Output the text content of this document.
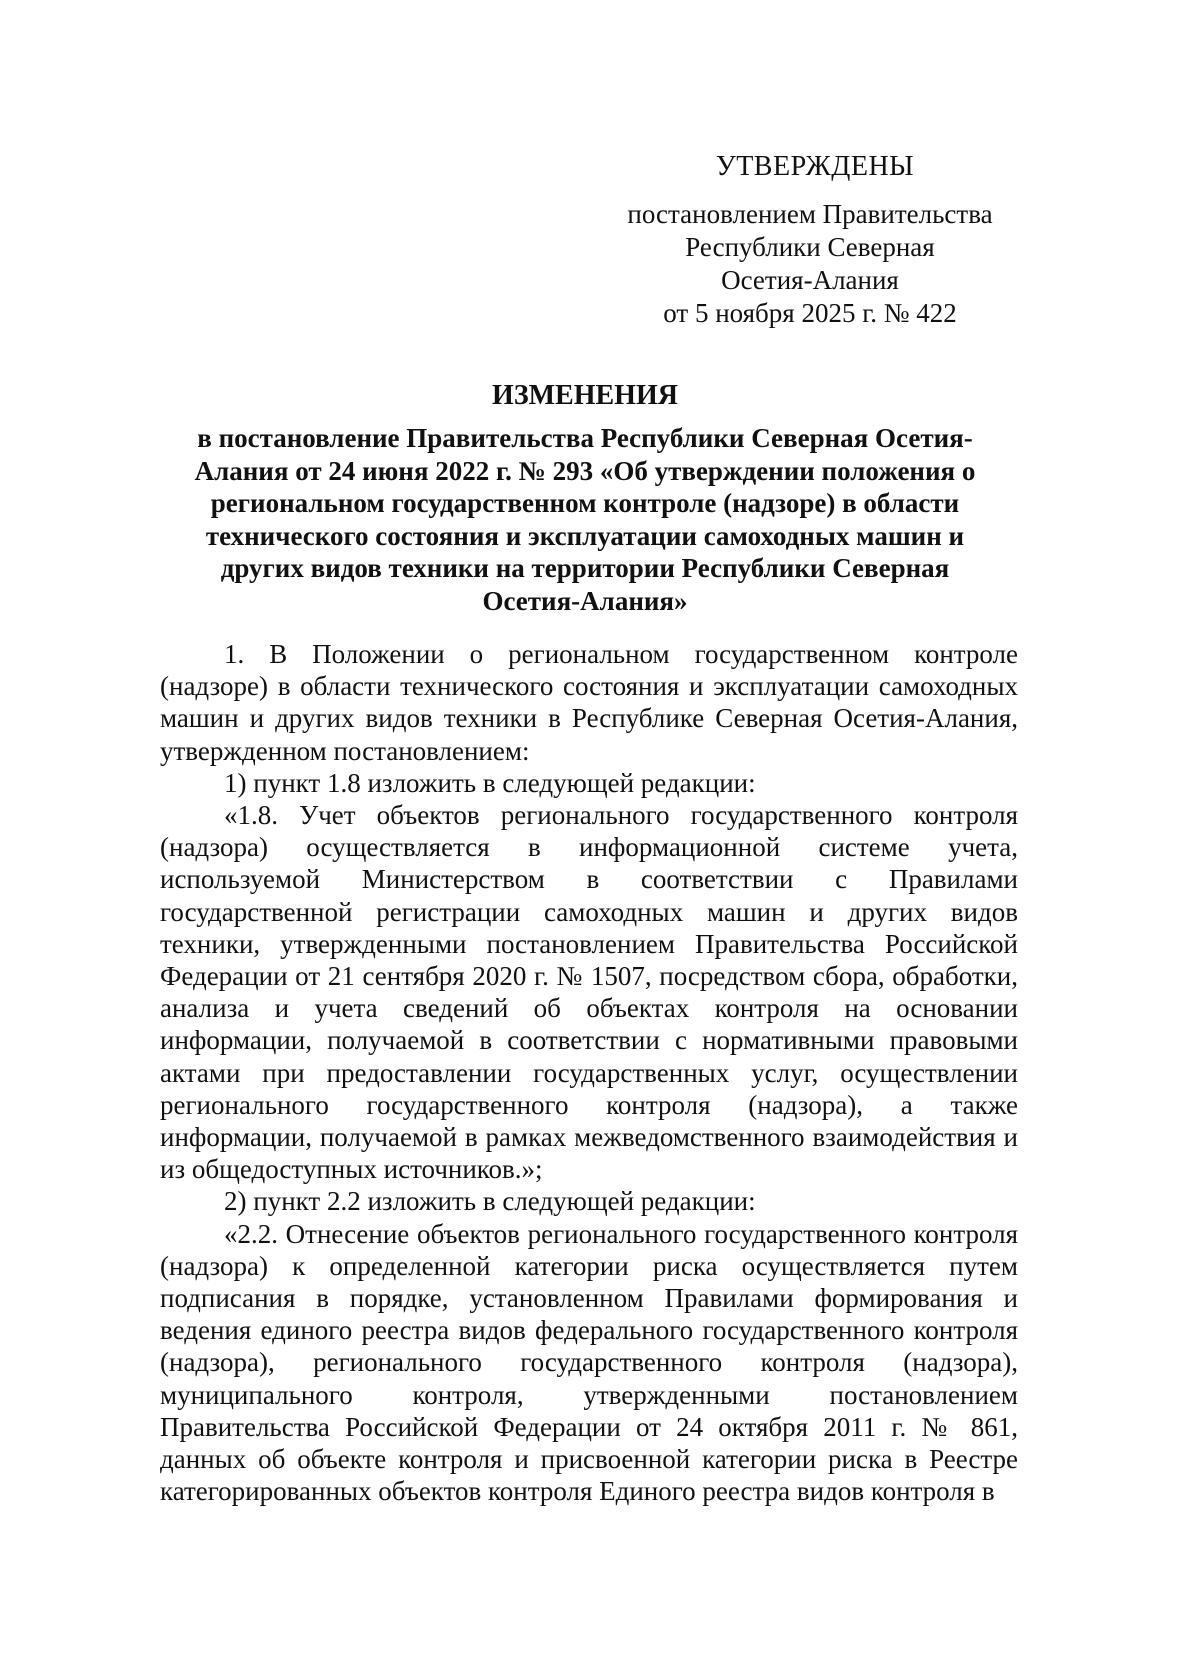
УТВЕРЖДЕНЫ
постановлением Правительства
Республики Северная
Осетия-Алания
от 5 ноября 2025 г. № 422
ИЗМЕНЕНИЯ
в постановление Правительства Республики Северная Осетия-Алания от 24 июня 2022 г. № 293 «Об утверждении положения о региональном государственном контроле (надзоре) в области технического состояния и эксплуатации самоходных машин и других видов техники на территории Республики Северная Осетия-Алания»

1. В Положении о региональном государственном контроле (надзоре) в области технического состояния и эксплуатации самоходных машин и других видов техники в Республике Северная Осетия-Алания, утвержденном постановлением:

1) пункт 1.8 изложить в следующей редакции:

«1.8. Учет объектов регионального государственного контроля (надзора) осуществляется в информационной системе учета, используемой Министерством в соответствии с Правилами государственной регистрации самоходных машин и других видов техники, утвержденными постановлением Правительства Российской Федерации от 21 сентября 2020 г. № 1507, посредством сбора, обработки, анализа и учета сведений об объектах контроля на основании информации, получаемой в соответствии с нормативными правовыми актами при предоставлении государственных услуг, осуществлении регионального государственного контроля (надзора), а также информации, получаемой в рамках межведомственного взаимодействия и из общедоступных источников.»;

2) пункт 2.2 изложить в следующей редакции:

«2.2. Отнесение объектов регионального государственного контроля (надзора) к определенной категории риска осуществляется путем подписания в порядке, установленном Правилами формирования и ведения единого реестра видов федерального государственного контроля (надзора), регионального государственного контроля (надзора), муниципального контроля, утвержденными постановлением Правительства Российской Федерации от 24 октября 2011 г. № 861, данных об объекте контроля и присвоенной категории риска в Реестре категорированных объектов контроля Единого реестра видов контроля в
